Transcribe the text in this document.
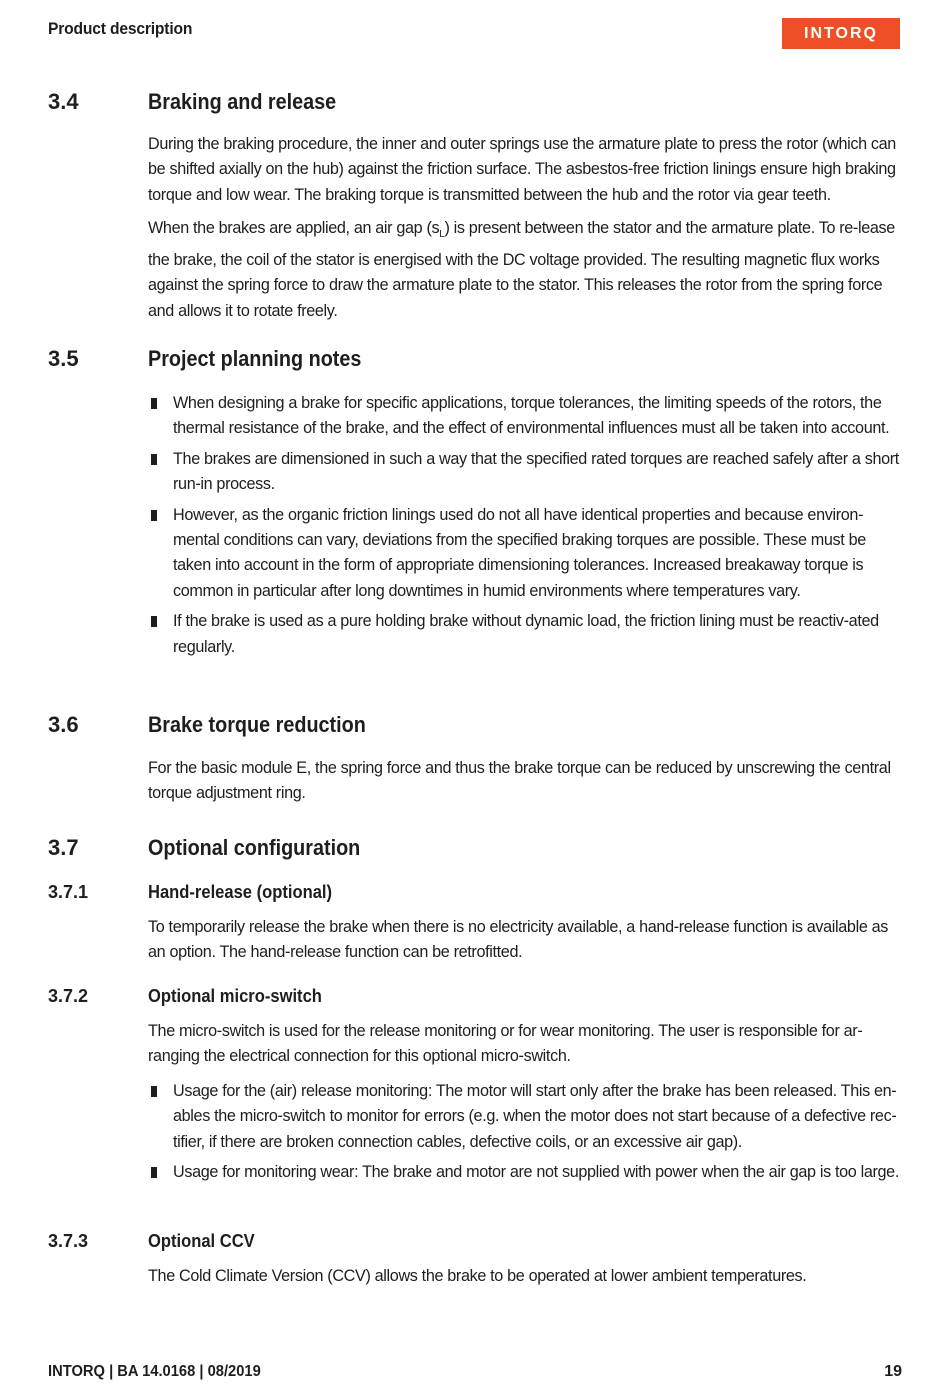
Product description	INTORQ
3.4	Braking and release

During the braking procedure, the inner and outer springs use the armature plate to press the rotor (which can be shifted axially on the hub) against the friction surface. The asbestos-free friction linings ensure high braking torque and low wear. The braking torque is transmitted between the hub and the rotor via gear teeth.

When the brakes are applied, an air gap $(s_L)$ is present between the stator and the armature plate. To re-lease the brake, the coil of the stator is energised with the DC voltage provided. The resulting magnetic flux works against the spring force to draw the armature plate to the stator. This releases the rotor from the spring force and allows it to rotate freely.

3.5	Project planning notes
When designing a brake for specific applications, torque tolerances, the limiting speeds of the rotors, the thermal resistance of the brake, and the effect of environmental influences must all be taken into account.
The brakes are dimensioned in such a way that the specified rated torques are reached safely after a short run-in process.
However, as the organic friction linings used do not all have identical properties and because environ-mental conditions can vary, deviations from the specified braking torques are possible. These must be taken into account in the form of appropriate dimensioning tolerances. Increased breakaway torque is common in particular after long downtimes in humid environments where temperatures vary.
If the brake is used as a pure holding brake without dynamic load, the friction lining must be reactiv-ated regularly.
3.6	Brake torque reduction

For the basic module E, the spring force and thus the brake torque can be reduced by unscrewing the central torque adjustment ring.

3.7	Optional configuration
3.7.1	Hand-release (optional)

To temporarily release the brake when there is no electricity available, a hand-release function is available as an option. The hand-release function can be retrofitted.

3.7.2	Optional micro-switch

The micro-switch is used for the release monitoring or for wear monitoring. The user is responsible for ar-ranging the electrical connection for this optional micro-switch.

Usage for the (air) release monitoring: The motor will start only after the brake has been released. This en-ables the micro-switch to monitor for errors (e.g. when the motor does not start because of a defective rec-tifier, if there are broken connection cables, defective coils, or an excessive air gap).
Usage for monitoring wear: The brake and motor are not supplied with power when the air gap is too large.
3.7.3	Optional CCV

The Cold Climate Version (CCV) allows the brake to be operated at lower ambient temperatures.

INTORQ | BA 14.0168 | 08/2019	19
